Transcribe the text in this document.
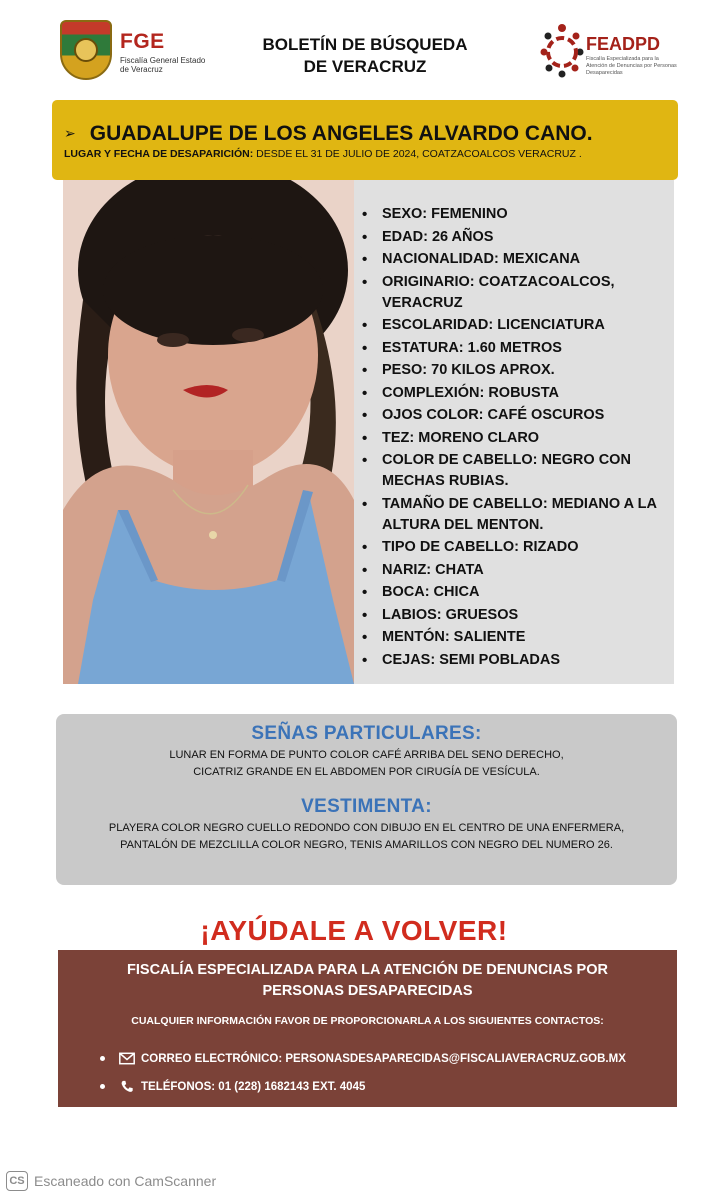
FGE
Fiscalía General Estado de Veracruz
BOLETÍN DE BÚSQUEDA
DE VERACRUZ
FEADPD
Fiscalía Especializada para la Atención de Denuncias por Personas Desaparecidas
➢ GUADALUPE DE LOS ANGELES ALVARDO CANO.
LUGAR Y FECHA DE DESAPARICIÓN: DESDE EL 31 DE JULIO DE 2024, COATZACOALCOS VERACRUZ .
• SEXO: FEMENINO
• EDAD: 26 AÑOS
• NACIONALIDAD: MEXICANA
• ORIGINARIO: COATZACOALCOS, VERACRUZ
• ESCOLARIDAD: LICENCIATURA
• ESTATURA: 1.60 METROS
• PESO: 70 KILOS APROX.
• COMPLEXIÓN: ROBUSTA
• OJOS COLOR: CAFÉ OSCUROS
• TEZ: MORENO CLARO
• COLOR DE CABELLO: NEGRO CON MECHAS RUBIAS.
• TAMAÑO DE CABELLO: MEDIANO A LA ALTURA DEL MENTON.
• TIPO DE CABELLO: RIZADO
• NARIZ: CHATA
• BOCA: CHICA
• LABIOS: GRUESOS
• MENTÓN: SALIENTE
• CEJAS: SEMI POBLADAS
SEÑAS PARTICULARES:
LUNAR EN FORMA DE PUNTO COLOR CAFÉ ARRIBA DEL SENO DERECHO,
CICATRIZ GRANDE EN EL ABDOMEN POR CIRUGÍA DE VESÍCULA.
VESTIMENTA:
PLAYERA COLOR NEGRO CUELLO REDONDO CON DIBUJO EN EL CENTRO DE UNA ENFERMERA,
PANTALÓN DE MEZCLILLA COLOR NEGRO, TENIS AMARILLOS CON NEGRO DEL NUMERO 26.
¡AYÚDALE A VOLVER!
FISCALÍA ESPECIALIZADA PARA LA ATENCIÓN DE DENUNCIAS POR
PERSONAS DESAPARECIDAS
CUALQUIER INFORMACIÓN FAVOR DE PROPORCIONARLA A LOS SIGUIENTES CONTACTOS:
CORREO ELECTRÓNICO: PERSONASDESAPARECIDAS@FISCALIAVERACRUZ.GOB.MX
TELÉFONOS: 01 (228) 1682143 EXT. 4045
CS Escaneado con CamScanner
